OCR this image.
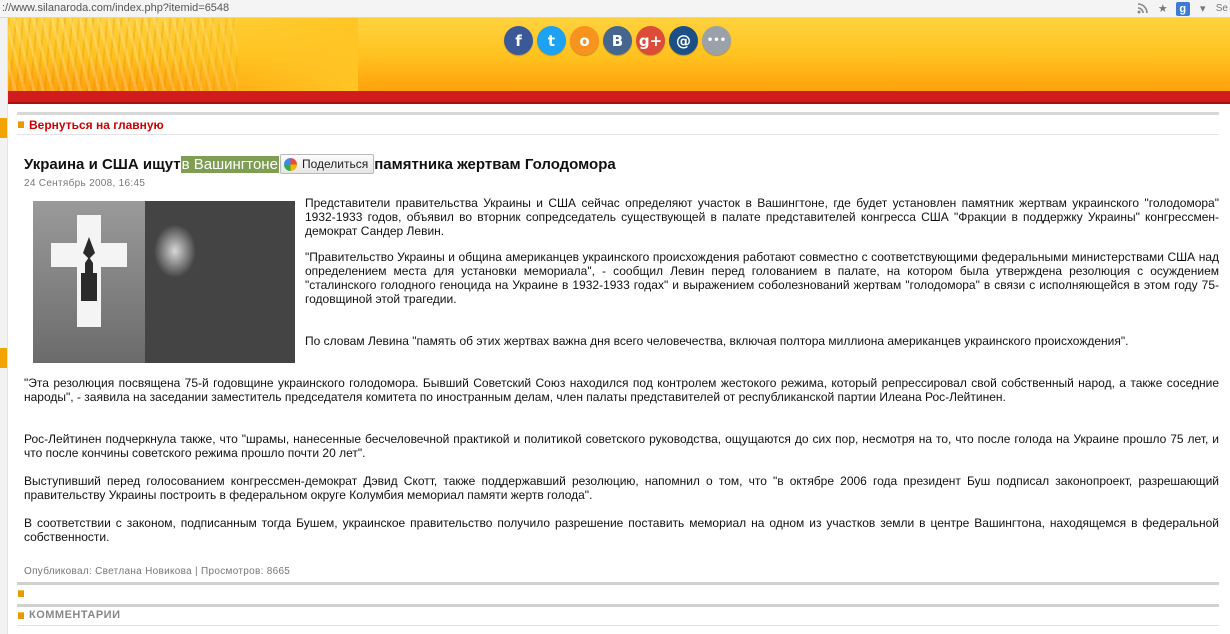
://www.silanaroda.com/index.php?itemid=6548	★	g	▾	Se
f	t	о	В	g+ @	•••
Вернуться на главную
Украина и США ищут в Вашингтоне Поделиться памятника жертвам Голодомора
24 Сентябрь 2008, 16:45

Представители правительства Украины и США сейчас определяют участок в Вашингтоне, где будет установлен памятник жертвам украинского "голодомора" 1932-1933 годов, объявил во вторник сопредседатель существующей в палате представителей конгресса США "Фракции в поддержку Украины" конгрессмен-демократ Сандер Левин.

"Правительство Украины и община американцев украинского происхождения работают совместно с соответствующими федеральными министерствами США над определением места для установки мемориала", - сообщил Левин перед голованием в палате, на котором была утверждена резолюция с осуждением "сталинского голодного геноцида на Украине в 1932-1933 годах" и выражением соболезнований жертвам "голодомора" в связи с исполняющейся в этом году 75-годовщиной этой трагедии.

По словам Левина "память об этих жертвах важна дня всего человечества, включая полтора миллиона американцев украинского происхождения".

"Эта резолюция посвящена 75-й годовщине украинского голодомора. Бывший Советский Союз находился под контролем жестокого режима, который репрессировал свой собственный народ, а также соседние народы", - заявила на заседании заместитель председателя комитета по иностранным делам, член палаты представителей от республиканской партии Илеана Рос-Лейтинен.

Рос-Лейтинен подчеркнула также, что "шрамы, нанесенные бесчеловечной практикой и политикой советского руководства, ощущаются до сих пор, несмотря на то, что после голода на Украине прошло 75 лет, и что после кончины советского режима прошло почти 20 лет".

Выступивший перед голосованием конгрессмен-демократ Дэвид Скотт, также поддержавший резолюцию, напомнил о том, что "в октябре 2006 года президент Буш подписал законопроект, разрешающий правительству Украины построить в федеральном округе Колумбия мемориал памяти жертв голода".

В соответствии с законом, подписанным тогда Бушем, украинское правительство получило разрешение поставить мемориал на одном из участков земли в центре Вашингтона, находящемся в федеральной собственности.

Опубликовал: Светлана Новикова | Просмотров: 8665
КОММЕНТАРИИ
